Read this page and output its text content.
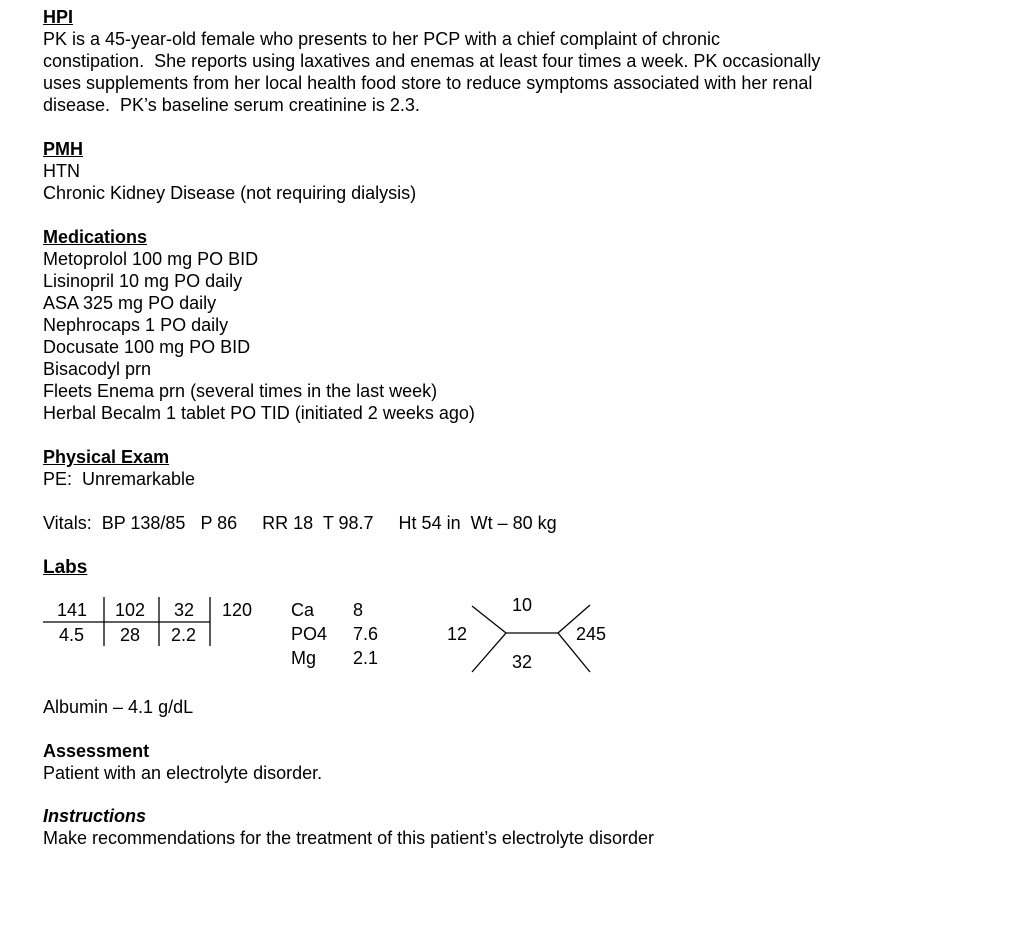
HPI
PK is a 45-year-old female who presents to her PCP with a chief complaint of chronic
constipation.  She reports using laxatives and enemas at least four times a week. PK occasionally
uses supplements from her local health food store to reduce symptoms associated with her renal
disease.  PK’s baseline serum creatinine is 2.3.
PMH
HTN
Chronic Kidney Disease (not requiring dialysis)
Medications
Metoprolol 100 mg PO BID
Lisinopril 10 mg PO daily
ASA 325 mg PO daily
Nephrocaps 1 PO daily
Docusate 100 mg PO BID
Bisacodyl prn
Fleets Enema prn (several times in the last week)
Herbal Becalm 1 tablet PO TID (initiated 2 weeks ago)
Physical Exam
PE:  Unremarkable
Vitals:  BP 138/85   P 86     RR 18  T 98.7     Ht 54 in  Wt – 80 kg
Labs
141 102 32 120
4.5 28 2.2
Ca 8
PO4 7.6
Mg 2.1
10
12	245
32
Albumin – 4.1 g/dL
Assessment
Patient with an electrolyte disorder.
Instructions
Make recommendations for the treatment of this patient’s electrolyte disorder
